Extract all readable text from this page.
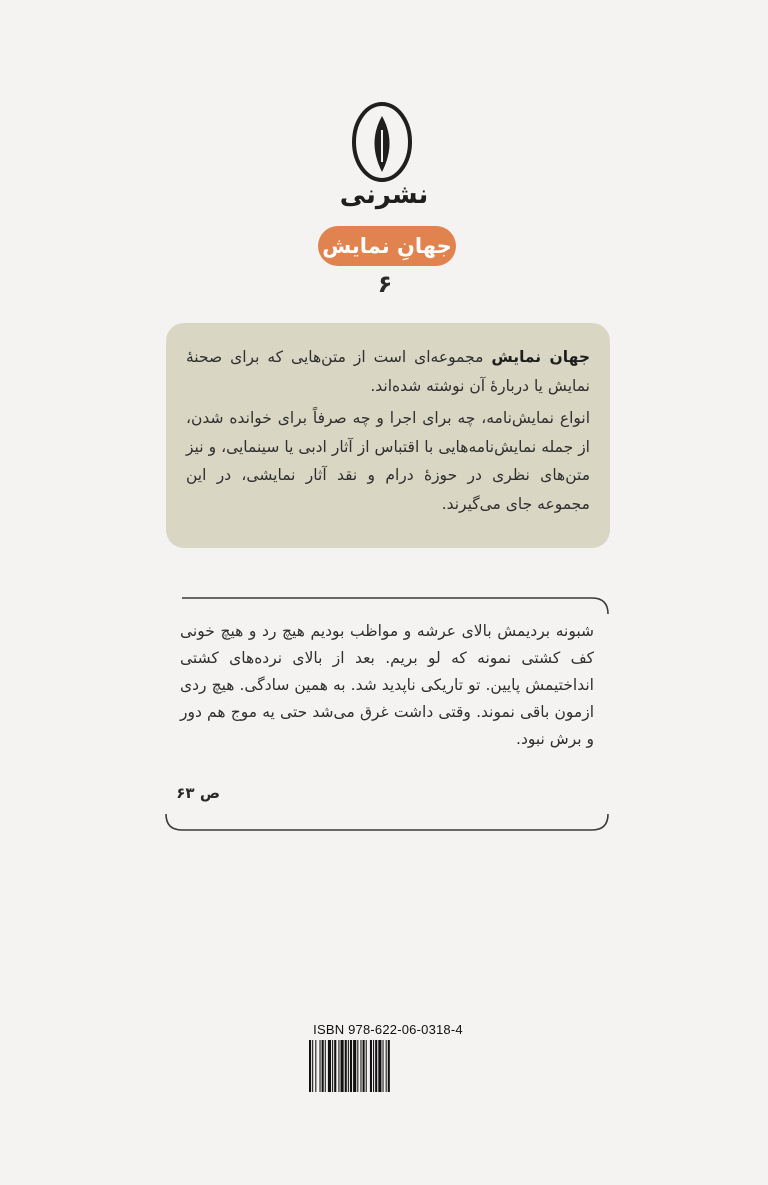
نشرنی
جهانِ نمایش
۶

جهان نمایش مجموعه‌ای است از متن‌هایی که برای صحنهٔ نمایش یا دربارهٔ آن نوشته شده‌اند.

انواع نمایش‌نامه، چه برای اجرا و چه صرفاً برای خوانده شدن، از جمله نمایش‌نامه‌هایی با اقتباس از آثار ادبی یا سینمایی، و نیز متن‌های نظری در حوزهٔ درام و نقد آثار نمایشی، در این مجموعه جای می‌گیرند.

شبونه بردیمش بالای عرشه و مواظب بودیم هیچ رد و هیچ خونی کف کشتی نمونه که لو بریم. بعد از بالای نرده‌های کشتی انداختیمش پایین. تو تاریکی ناپدید شد. به همین سادگی. هیچ ردی ازمون باقی نموند. وقتی داشت غرق می‌شد حتی یه موج هم دور و برش نبود.

ص ۶۳
ISBN 978-622-06-0318-4
